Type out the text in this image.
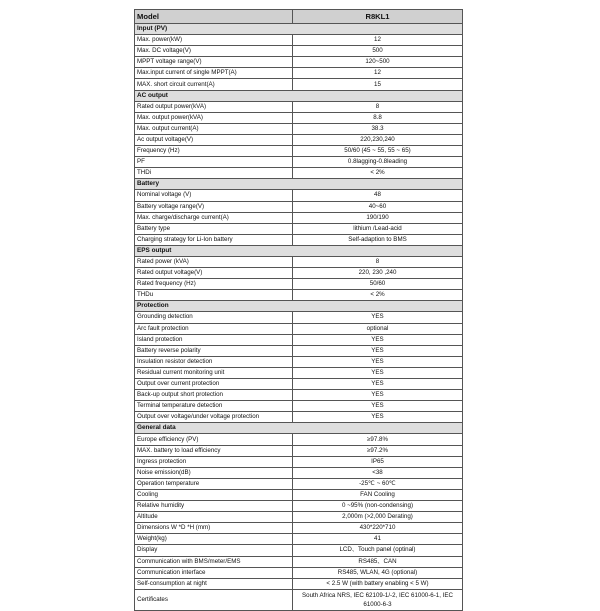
Model	R8KL1
Input (PV)	
Max. power(kW)	12
Max. DC voltage(V)	500
MPPT voltage range(V)	120~500
Max.input current of single MPPT(A)	12
MAX. short circuit current(A)	15
AC output	
Rated output power(kVA)	8
Max. output power(kVA)	8.8
Max. output current(A)	38.3
Ac output voltage(V)	220,230,240
Frequency (Hz)	50/60 (45 ~ 55, 55 ~ 65)
PF	0.8lagging-0.8leading
THDi	< 2%
Battery	
Nominal voltage (V)	48
Battery voltage range(V)	40~60
Max. charge/discharge current(A)	190/190
Battery type	lithium /Lead-acid
Charging strategy for Li-Ion battery	Self-adaption to BMS
EPS output	
Rated power (kVA)	8
Rated output voltage(V)	220, 230 ,240
Rated frequency (Hz)	50/60
THDu	< 2%
Protection	
Grounding detection	YES
Arc fault protection	optional
Island protection	YES
Battery reverse polarity	YES
Insulation resistor detection	YES
Residual current monitoring unit	YES
Output over current protection	YES
Back-up output short protection	YES
Terminal temperature detection	YES
Output over voltage/under voltage protection	YES
General data	
Europe efficiency (PV)	≥97.8%
MAX. battery to load efficiency	≥97.2%
Ingress protection	IP65
Noise emission(dB)	<38
Operation temperature	-25℃ ~ 60℃
Cooling	FAN Cooling
Relative humidity	0 ~95% (non-condensing)
Altitude	2,000m (>2,000 Derating)
Dimensions W *D *H (mm)	430*220*710
Weight(kg)	41
Display	LCD、Touch panel (optinal)
Communication with BMS/meter/EMS	RS485、CAN
Communication interface	RS485, WLAN, 4G (optional)
Self-consumption at night	< 2.5 W (with battery enabling < 5 W)
Certificates	South Africa NRS, IEC 62109-1/-2, IEC 61000-6-1, IEC 61000-6-3
